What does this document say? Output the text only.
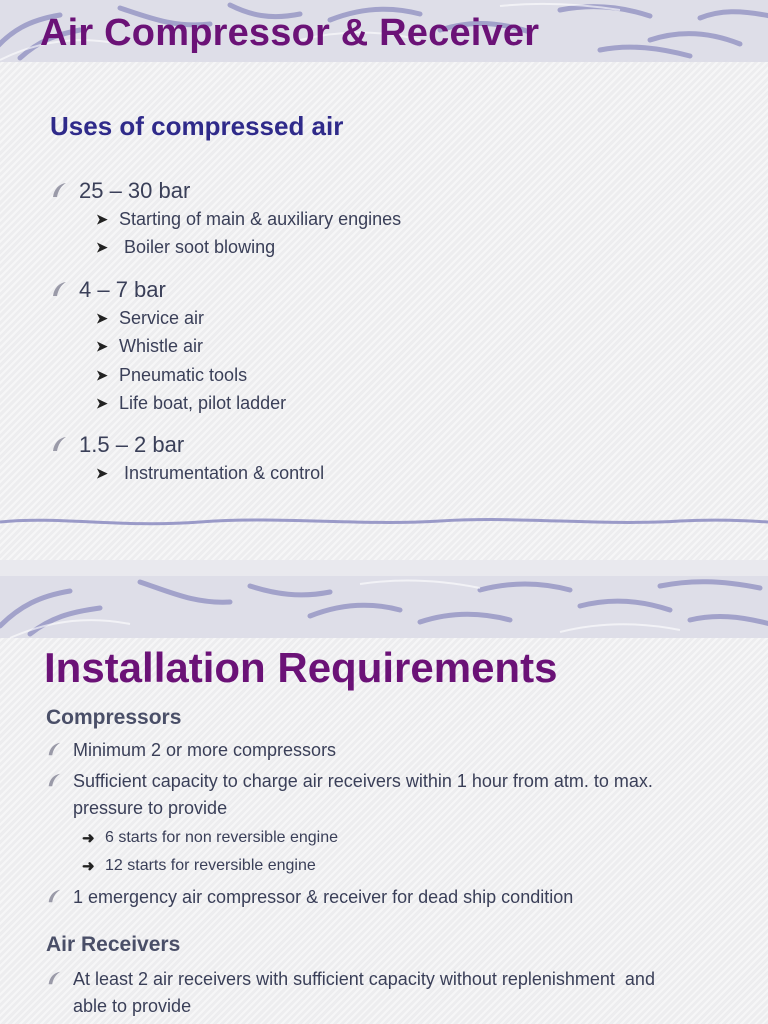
Air Compressor & Receiver
Uses of compressed air
25 – 30 bar
➤ Starting of main & auxiliary engines
➤ Boiler soot blowing
4 – 7 bar
➤ Service air
➤ Whistle air
➤ Pneumatic tools
➤ Life boat, pilot ladder
1.5 – 2 bar
➤ Instrumentation & control
Installation Requirements
Compressors
Minimum 2 or more compressors
Sufficient capacity to charge air receivers within 1 hour from atm. to max.
pressure to provide
➜ 6 starts for non reversible engine
➜ 12 starts for reversible engine
1 emergency air compressor & receiver for dead ship condition
Air Receivers
At least 2 air receivers with sufficient capacity without replenishment  and
able to provide
